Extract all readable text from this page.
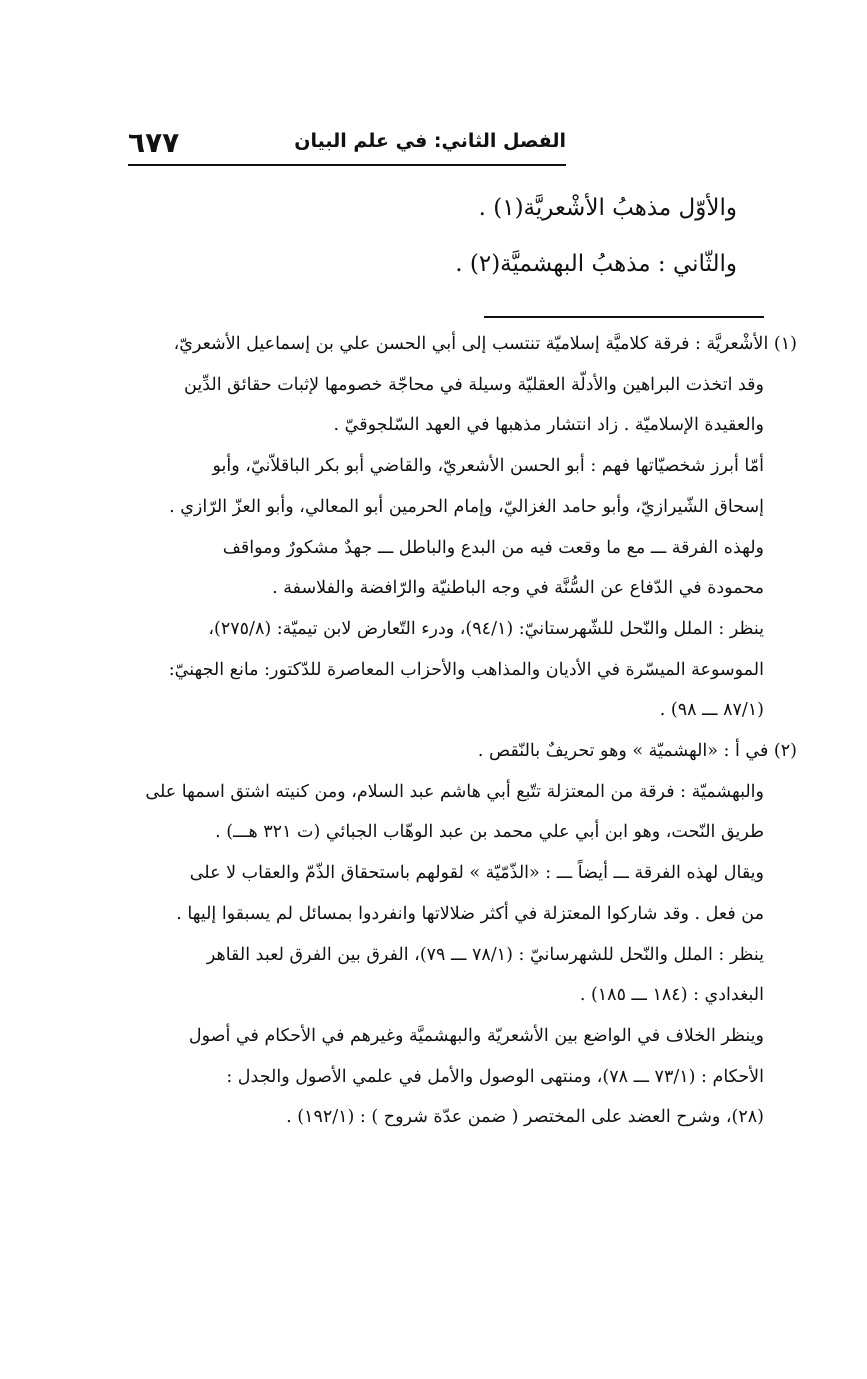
الفصل الثاني: في علم البيان
٦٧٧

والأوّل مذهبُ الأشْعريَّة(١) .

والثّاني : مذهبُ البهشميَّة(٢) .

(١) الأشْعريَّة : فرقة كلاميَّة إسلاميّة تنتسب إلى أبي الحسن علي بن إسماعيل الأشعريّ،
وقد اتخذت البراهين والأدلّة العقليّة وسيلة في محاجّة خصومها لإثبات حقائق الدِّين
والعقيدة الإسلاميّة . زاد انتشار مذهبها في العهد السّلجوقيّ .
أمّا أبرز شخصيّاتها فهم : أبو الحسن الأشعريّ، والقاضي أبو بكر الباقلاّنيّ، وأبو
إسحاق الشّيرازيّ، وأبو حامد الغزاليّ، وإمام الحرمين أبو المعالي، وأبو العزّ الرّازي .
ولهذه الفرقة ـــ مع ما وقعت فيه من البدع والباطل ـــ جهدٌ مشكورٌ ومواقف
محمودة في الدّفاع عن السُّنَّة في وجه الباطنيّة والرّافضة والفلاسفة .
ينظر : الملل والنّحل للشّهرستانيّ: (٩٤/١)، ودرء التّعارض لابن تيميّة: (٢٧٥/٨)،
الموسوعة الميسّرة في الأديان والمذاهب والأحزاب المعاصرة للدّكتور: مانع الجهنيّ:
(٨٧/١ ـــ ٩٨) .
(٢) في أ : «الهشميّة » وهو تحريفٌ بالنّقص .
والبهشميّة : فرقة من المعتزلة تتّبع أبي هاشم عبد السلام، ومن كنيته اشتق اسمها على
طريق النّحت، وهو ابن أبي علي محمد بن عبد الوهّاب الجبائي (ت ٣٢١ هـــ) .
ويقال لهذه الفرقة ـــ أيضاً ـــ : «الذّمّيّة » لقولهم باستحقاق الذّمّ والعقاب لا على
من فعل . وقد شاركوا المعتزلة في أكثر ضلالاتها وانفردوا بمسائل لم يسبقوا إليها .
ينظر : الملل والنّحل للشهرسانيّ : (٧٨/١ ـــ ٧٩)، الفرق بين الفرق لعبد القاهر
البغدادي : (١٨٤ ـــ ١٨٥) .
وينظر الخلاف في الواضع بين الأشعريّة والبهشميَّة وغيرهم في الأحكام في أصول
الأحكام : (٧٣/١ ـــ ٧٨)، ومنتهى الوصول والأمل في علمي الأصول والجدل :
(٢٨)، وشرح العضد على المختصر ( ضمن عدّة شروح ) : (١٩٢/١) .
